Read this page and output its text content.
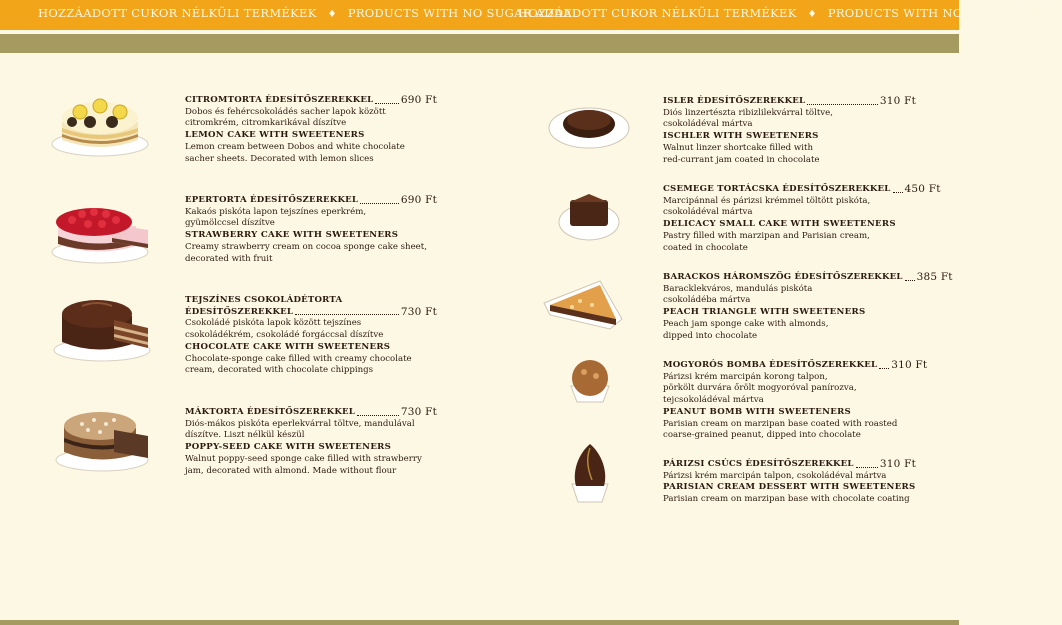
HOZZÁADOTT CUKOR NÉLKÜLI TERMÉKEK ♦ PRODUCTS WITH NO SUGAR ADDED
HOZZÁADOTT CUKOR NÉLKÜLI TERMÉKEK ♦ PRODUCTS WITH NO SUGAR ADDED
CITROMTORTA ÉDESÍTŐSZEREKKEL	690 Ft
Dobos és fehércsokoládés sacher lapok között
citromkrém, citromkarikával díszítve
LEMON CAKE WITH SWEETENERS
Lemon cream between Dobos and white chocolate
sacher sheets. Decorated with lemon slices
EPERTORTA ÉDESÍTŐSZEREKKEL	690 Ft
Kakaós piskóta lapon tejszínes eperkrém,
gyümölccsel díszítve
STRAWBERRY CAKE WITH SWEETENERS
Creamy strawberry cream on cocoa sponge cake sheet,
decorated with fruit
TEJSZÍNES CSOKOLÁDÉTORTA
ÉDESÍTŐSZEREKKEL	730 Ft
Csokoládé piskóta lapok között tejszínes
csokoládékrém, csokoládé forgáccsal díszítve
CHOCOLATE CAKE WITH SWEETENERS
Chocolate-sponge cake filled with creamy chocolate
cream, decorated with chocolate chippings
MÁKTORTA ÉDESÍTŐSZEREKKEL	730 Ft
Diós-mákos piskóta eperlekvárral töltve, mandulával
díszítve. Liszt nélkül készül
POPPY-SEED CAKE WITH SWEETENERS
Walnut poppy-seed sponge cake filled with strawberry
jam, decorated with almond. Made without flour
ISLER ÉDESÍTŐSZEREKKEL	310 Ft
Diós linzertészta ribizlilekvárral töltve,
csokoládéval mártva
ISCHLER WITH SWEETENERS
Walnut linzer shortcake filled with
red-currant jam coated in chocolate
CSEMEGE TORTÁCSKA ÉDESÍTŐSZEREKKEL 450 Ft
Marcipánnal és párizsi krémmel töltött piskóta,
csokoládéval mártva
DELICACY SMALL CAKE WITH SWEETENERS
Pastry filled with marzipan and Parisian cream,
coated in chocolate
BARACKOS HÁROMSZÖG ÉDESÍTŐSZEREKKEL 385 Ft
Baracklekváros, mandulás piskóta
csokoládéba mártva
PEACH TRIANGLE WITH SWEETENERS
Peach jam sponge cake with almonds,
dipped into chocolate
MOGYORÓS BOMBA ÉDESÍTŐSZEREKKEL 310 Ft
Párizsi krém marcipán korong talpon,
pörkölt durvára őrölt mogyoróval panírozva,
tejcsokoládéval mártva
PEANUT BOMB WITH SWEETENERS
Parisian cream on marzipan base coated with roasted
coarse-grained peanut, dipped into chocolate
PÁRIZSI CSÚCS ÉDESÍTŐSZEREKKEL	310 Ft
Párizsi krém marcipán talpon, csokoládéval mártva
PARISIAN CREAM DESSERT WITH SWEETENERS
Parisian cream on marzipan base with chocolate coating
